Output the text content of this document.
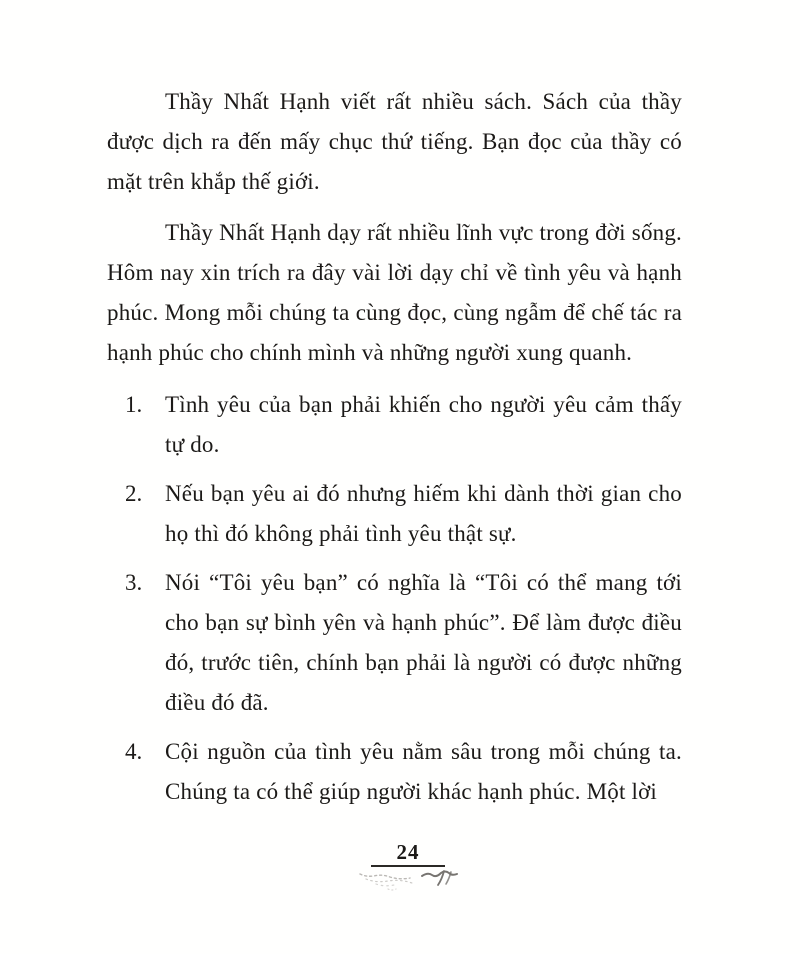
Thầy Nhất Hạnh viết rất nhiều sách. Sách của thầy được dịch ra đến mấy chục thứ tiếng. Bạn đọc của thầy có mặt trên khắp thế giới.

Thầy Nhất Hạnh dạy rất nhiều lĩnh vực trong đời sống. Hôm nay xin trích ra đây vài lời dạy chỉ về tình yêu và hạnh phúc. Mong mỗi chúng ta cùng đọc, cùng ngẫm để chế tác ra hạnh phúc cho chính mình và những người xung quanh.

1. Tình yêu của bạn phải khiến cho người yêu cảm thấy tự do.
2. Nếu bạn yêu ai đó nhưng hiếm khi dành thời gian cho họ thì đó không phải tình yêu thật sự.
3. Nói “Tôi yêu bạn” có nghĩa là “Tôi có thể mang tới cho bạn sự bình yên và hạnh phúc”. Để làm được điều đó, trước tiên, chính bạn phải là người có được những điều đó đã.
4. Cội nguồn của tình yêu nằm sâu trong mỗi chúng ta. Chúng ta có thể giúp người khác hạnh phúc. Một lời
24
